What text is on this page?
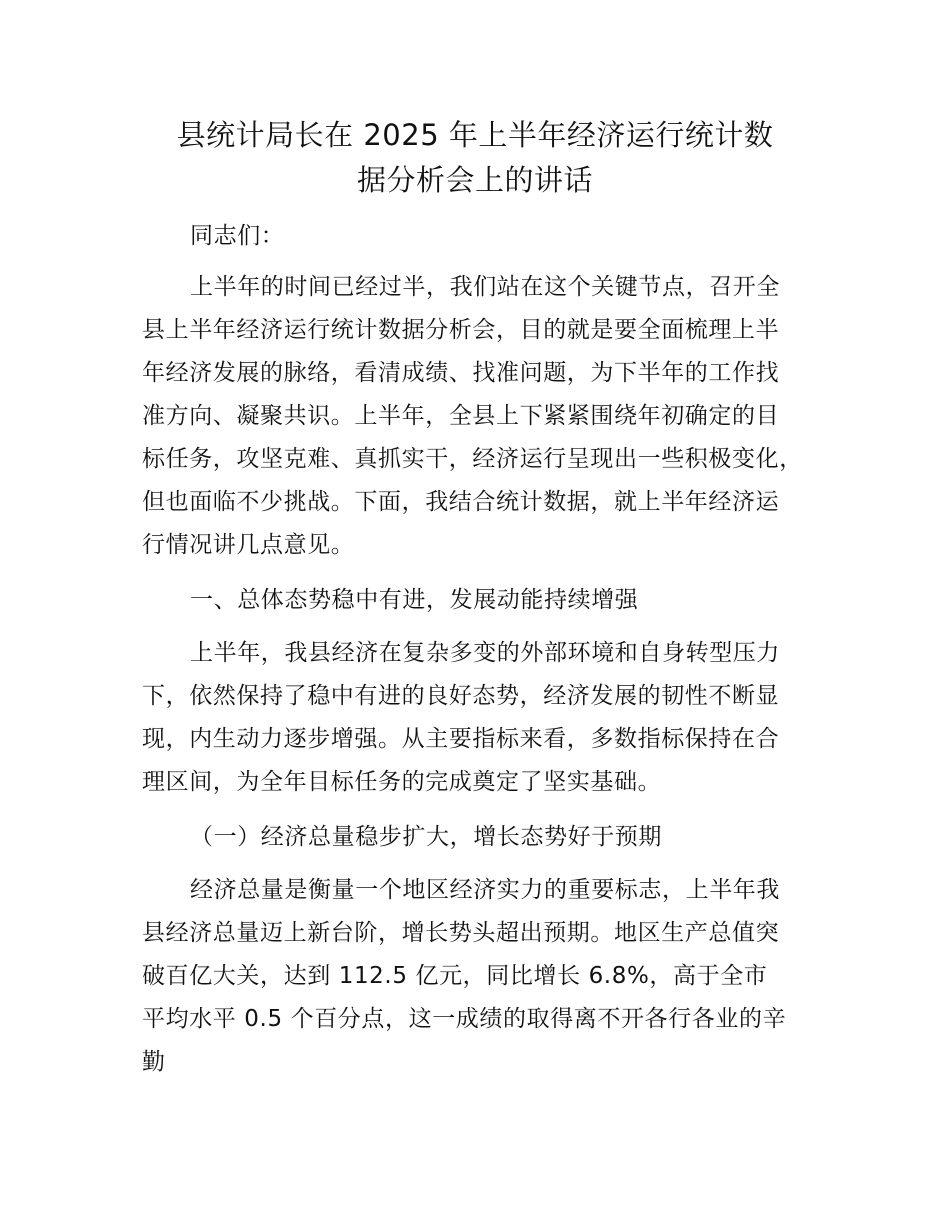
县统计局长在 2025 年上半年经济运行统计数
据分析会上的讲话

同志们：

上半年的时间已经过半，我们站在这个关键节点，召开全

县上半年经济运行统计数据分析会，目的就是要全面梳理上半

年经济发展的脉络，看清成绩、找准问题，为下半年的工作找

准方向、凝聚共识。上半年，全县上下紧紧围绕年初确定的目

标任务，攻坚克难、真抓实干，经济运行呈现出一些积极变化，

但也面临不少挑战。下面，我结合统计数据，就上半年经济运

行情况讲几点意见。

一、总体态势稳中有进，发展动能持续增强

上半年，我县经济在复杂多变的外部环境和自身转型压力

下，依然保持了稳中有进的良好态势，经济发展的韧性不断显

现，内生动力逐步增强。从主要指标来看，多数指标保持在合

理区间，为全年目标任务的完成奠定了坚实基础。

（一）经济总量稳步扩大，增长态势好于预期

经济总量是衡量一个地区经济实力的重要标志，上半年我

县经济总量迈上新台阶，增长势头超出预期。地区生产总值突

破百亿大关，达到 112.5 亿元，同比增长 6.8%，高于全市

平均水平 0.5 个百分点，这一成绩的取得离不开各行各业的辛

勤
